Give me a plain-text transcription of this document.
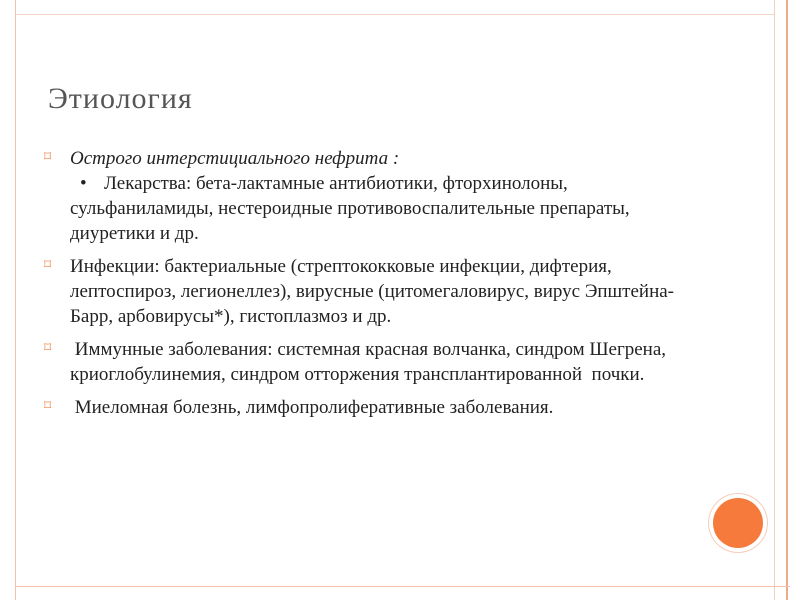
Этиология
⌑ Острого интерстициального нефрита :
• Лекарства: бета-лактамные антибиотики, фторхинолоны, сульфаниламиды, нестероидные противовоспалительные препараты, диуретики и др.
⌑ Инфекции: бактериальные (стрептококковые инфекции, дифтерия, лептоспироз, легионеллез), вирусные (цитомегаловирус, вирус Эпштейна-Барр, арбовирусы*), гистоплазмоз и др.
⌑ Иммунные заболевания: системная красная волчанка, синдром Шегрена, криоглобулинемия, синдром отторжения трансплантированной  почки.
⌑ Миеломная болезнь, лимфопролиферативные заболевания.
